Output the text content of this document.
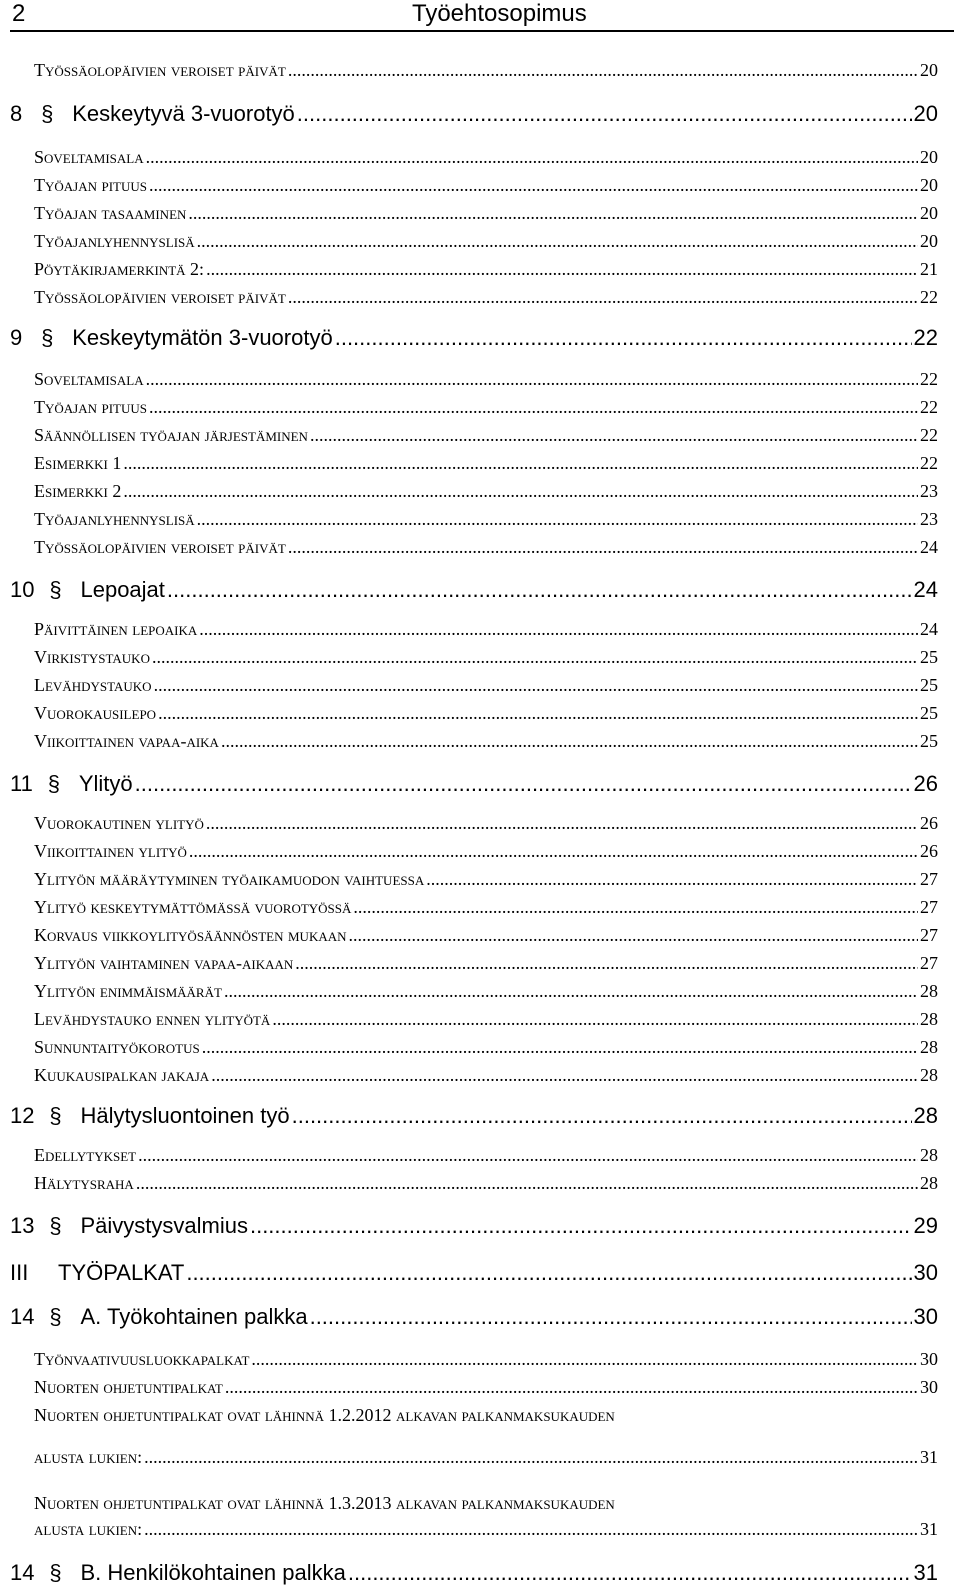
2	Työehtosopimus
Työssäolopäivien veroiset päivät .....	20
8 § Keskeytyvä 3-vuorotyö .....	20
Soveltamisala .....	20
Työajan pituus .....	20
Työajan tasaaminen .....	20
Työajanlyhennyslisä .....	20
Pöytäkirjamerkintä 2: .....	21
Työssäolopäivien veroiset päivät .....	22
9 § Keskeytymätön 3-vuorotyö .....	22
Soveltamisala .....	22
Työajan pituus .....	22
Säännöllisen työajan järjestäminen .....	22
Esimerkki 1 .....	22
Esimerkki 2 .....	23
Työajanlyhennyslisä .....	23
Työssäolopäivien veroiset päivät .....	24
10 § Lepoajat .....	24
Päivittäinen lepoaika .....	24
Virkistystauko .....	25
Levähdystauko .....	25
Vuorokausilepo .....	25
Viikoittainen vapaa-aika .....	25
11 § Ylityö .....	26
Vuorokautinen ylityö .....	26
Viikoittainen ylityö .....	26
Ylityön määräytyminen työaikamuodon vaihtuessa .....	27
Ylityö keskeytymättömässä vuorotyössä .....	27
Korvaus viikkoylityösäännösten mukaan .....	27
Ylityön vaihtaminen vapaa-aikaan .....	27
Ylityön enimmäismäärät .....	28
Levähdystauko ennen ylityötä .....	28
Sunnuntaityökorotus .....	28
Kuukausipalkan jakaja .....	28
12 § Hälytysluontoinen työ .....	28
Edellytykset .....	28
Hälytysraha .....	28
13 § Päivystysvalmius .....	29
III	TYÖPALKAT .....	30
14 § A. Työkohtainen palkka .....	30
Työnvaativuusluokkapalkat .....	30
Nuorten ohjetuntipalkat .....	30
Nuorten ohjetuntipalkat ovat lähinnä 1.2.2012 alkavan palkanmaksukauden
alusta lukien: .....	31
Nuorten ohjetuntipalkat ovat lähinnä 1.3.2013 alkavan palkanmaksukauden
alusta lukien: .....	31
14 § B. Henkilökohtainen palkka .....	31
